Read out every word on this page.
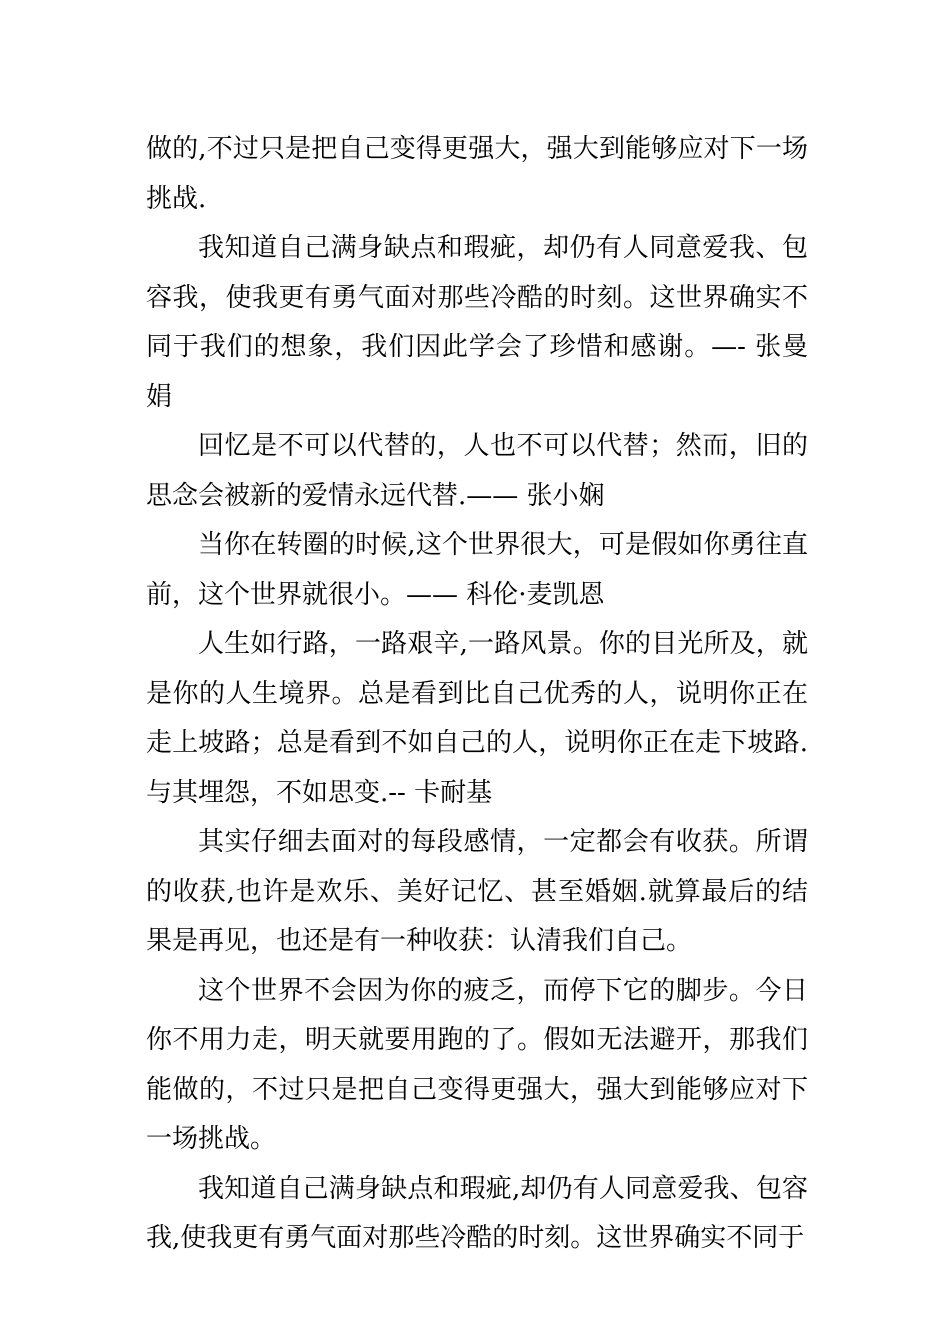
做的,不过只是把自己变得更强大，强大到能够应对下一场挑战.

我知道自己满身缺点和瑕疵，却仍有人同意爱我、包容我，使我更有勇气面对那些冷酷的时刻。这世界确实不同于我们的想象，我们因此学会了珍惜和感谢。—- 张曼娟

回忆是不可以代替的，人也不可以代替；然而，旧的思念会被新的爱情永远代替.—— 张小娴

当你在转圈的时候,这个世界很大，可是假如你勇往直前，这个世界就很小。—— 科伦·麦凯恩

人生如行路，一路艰辛,一路风景。你的目光所及，就是你的人生境界。总是看到比自己优秀的人，说明你正在走上坡路；总是看到不如自己的人，说明你正在走下坡路.与其埋怨，不如思变.-- 卡耐基

其实仔细去面对的每段感情，一定都会有收获。所谓的收获,也许是欢乐、美好记忆、甚至婚姻.就算最后的结果是再见，也还是有一种收获：认清我们自己。

这个世界不会因为你的疲乏，而停下它的脚步。今日你不用力走，明天就要用跑的了。假如无法避开，那我们能做的，不过只是把自己变得更强大，强大到能够应对下一场挑战。

我知道自己满身缺点和瑕疵,却仍有人同意爱我、包容我,使我更有勇气面对那些冷酷的时刻。这世界确实不同于
